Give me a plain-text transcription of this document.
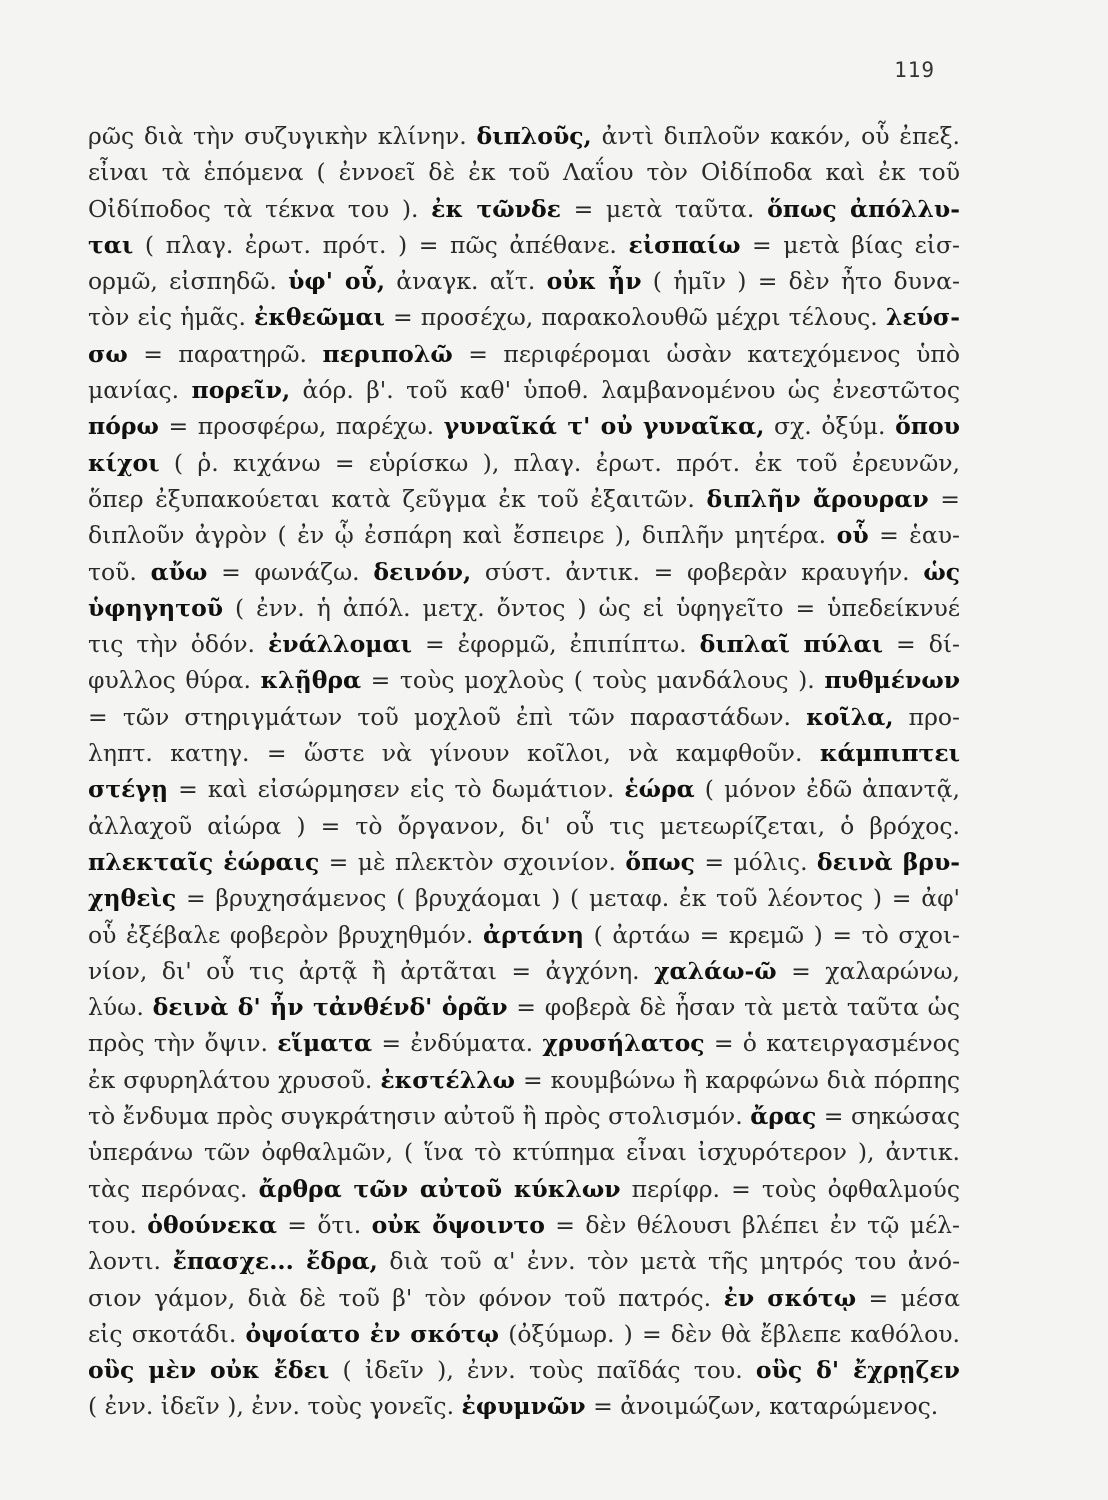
119
ρῶς διὰ τὴν συζυγικὴν κλίνην. διπλοῦς, ἀντὶ διπλοῦν κακόν, οὗ ἐπεξ.
εἶναι τὰ ἑπόμενα ( ἐννοεῖ δὲ ἐκ τοῦ Λαΐου τὸν Οἰδίποδα καὶ ἐκ τοῦ
Οἰδίποδος τὰ τέκνα του ). ἐκ τῶνδε = μετὰ ταῦτα. ὅπως ἀπόλλυ-
ται ( πλαγ. ἐρωτ. πρότ. ) = πῶς ἀπέθανε. εἰσπαίω = μετὰ βίας εἰσ-
ορμῶ, εἰσπηδῶ. ὑφ' οὗ, ἀναγκ. αἴτ. οὐκ ἦν ( ἡμῖν ) = δὲν ἦτο δυνα-
τὸν εἰς ἡμᾶς. ἐκθεῶμαι = προσέχω, παρακολουθῶ μέχρι τέλους. λεύσ-
σω = παρατηρῶ. περιπολῶ = περιφέρομαι ὡσὰν κατεχόμενος ὑπὸ
μανίας. πορεῖν, ἀόρ. β'. τοῦ καθ' ὑποθ. λαμβανομένου ὡς ἐνεστῶτος
πόρω = προσφέρω, παρέχω. γυναῖκά τ' οὐ γυναῖκα, σχ. ὀξύμ. ὅπου
κίχοι ( ῥ. κιχάνω = εὑρίσκω ), πλαγ. ἐρωτ. πρότ. ἐκ τοῦ ἐρευνῶν,
ὅπερ ἐξυπακούεται κατὰ ζεῦγμα ἐκ τοῦ ἐξαιτῶν. διπλῆν ἄρουραν =
διπλοῦν ἀγρὸν ( ἐν ᾧ ἐσπάρη καὶ ἔσπειρε ), διπλῆν μητέρα. οὗ = ἑαυ-
τοῦ. αὔω = φωνάζω. δεινόν, σύστ. ἀντικ. = φοβερὰν κραυγήν. ὡς
ὑφηγητοῦ ( ἐνν. ἡ ἀπόλ. μετχ. ὄντος ) ὡς εἰ ὑφηγεῖτο = ὑπεδείκνυέ
τις τὴν ὁδόν. ἐνάλλομαι = ἐφορμῶ, ἐπιπίπτω. διπλαῖ πύλαι = δί-
φυλλος θύρα. κλῇθρα = τοὺς μοχλοὺς ( τοὺς μανδάλους ). πυθμένων
= τῶν στηριγμάτων τοῦ μοχλοῦ ἐπὶ τῶν παραστάδων. κοῖλα, προ-
ληπτ. κατηγ. = ὥστε νὰ γίνουν κοῖλοι, νὰ καμφθοῦν. κάμπιπτει
στέγῃ = καὶ εἰσώρμησεν εἰς τὸ δωμάτιον. ἑώρα ( μόνον ἐδῶ ἀπαντᾷ,
ἀλλαχοῦ αἰώρα ) = τὸ ὄργανον, δι' οὗ τις μετεωρίζεται, ὁ βρόχος.
πλεκταῖς ἑώραις = μὲ πλεκτὸν σχοινίον. ὅπως = μόλις. δεινὰ βρυ-
χηθεὶς = βρυχησάμενος ( βρυχάομαι ) ( μεταφ. ἐκ τοῦ λέοντος ) = ἀφ'
οὗ ἐξέβαλε φοβερὸν βρυχηθμόν. ἀρτάνη ( ἀρτάω = κρεμῶ ) = τὸ σχοι-
νίον, δι' οὗ τις ἀρτᾷ ἢ ἀρτᾶται = ἀγχόνη. χαλάω-ῶ = χαλαρώνω,
λύω. δεινὰ δ' ἦν τἀνθένδ' ὁρᾶν = φοβερὰ δὲ ἦσαν τὰ μετὰ ταῦτα ὡς
πρὸς τὴν ὄψιν. εἵματα = ἐνδύματα. χρυσήλατος = ὁ κατειργασμένος
ἐκ σφυρηλάτου χρυσοῦ. ἐκστέλλω = κουμβώνω ἢ καρφώνω διὰ πόρπης
τὸ ἔνδυμα πρὸς συγκράτησιν αὐτοῦ ἢ πρὸς στολισμόν. ἄρας = σηκώσας
ὑπεράνω τῶν ὀφθαλμῶν, ( ἵνα τὸ κτύπημα εἶναι ἰσχυρότερον ), ἀντικ.
τὰς περόνας. ἄρθρα τῶν αὐτοῦ κύκλων περίφρ. = τοὺς ὀφθαλμούς
του. ὁθούνεκα = ὅτι. οὐκ ὄψοιντο = δὲν θέλουσι βλέπει ἐν τῷ μέλ-
λοντι. ἔπασχε... ἔδρα, διὰ τοῦ α' ἐνν. τὸν μετὰ τῆς μητρός του ἀνό-
σιον γάμον, διὰ δὲ τοῦ β' τὸν φόνον τοῦ πατρός. ἐν σκότῳ = μέσα
εἰς σκοτάδι. ὀψοίατο ἐν σκότῳ (ὀξύμωρ. ) = δὲν θὰ ἔβλεπε καθόλου.
οὓς μὲν οὐκ ἔδει ( ἰδεῖν ), ἐνν. τοὺς παῖδάς του. οὓς δ' ἔχρῃζεν
( ἐνν. ἰδεῖν ), ἐνν. τοὺς γονεῖς. ἐφυμνῶν = ἀνοιμώζων, καταρώμενος.
